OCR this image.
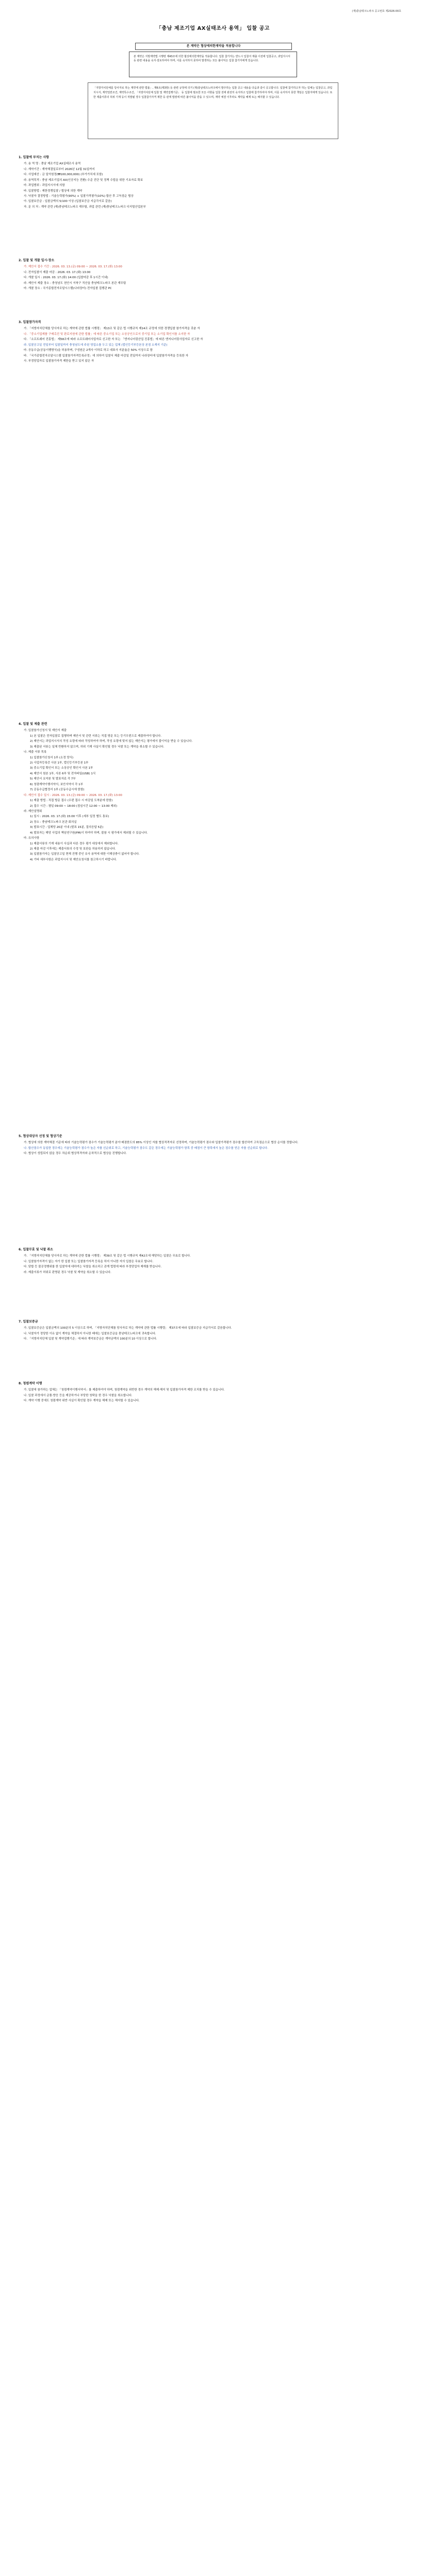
(재)충남테크노파크 공고번호 제2026-00호
「충남 제조기업 AX실태조사 용역」 입찰 공고
본 계약은 협상에의한계약을 적용합니다
본 계약은 지방계약법 시행령 제43조에 의한 협상에의한계약을 적용합니다. 입찰 참가자는 반드시 입찰서 제출 이전에 입찰공고, 과업지시서 등 관련 내용을 숙지·검토하여야 하며, 이를 숙지하지 못하여 발생하는 모든 불이익은 입찰 참가자에게 있습니다.
「지방자치단체를 당사자로 하는 계약에 관한 법률」, 제6조(제3항) 등 관련 규정에 의거 (재)충남테크노파크에서 발주하는 입찰 공고 내용을 다음과 같이 공고합니다. 입찰에 참가하고자 하는 업체는 입찰공고, 과업지시서, 계약일반조건, 계약특수조건, 「지방자치단체 입찰 및 계약집행기준」 등 입찰에 필요한 모든 사항을 입찰 전에 완전히 숙지하고 입찰에 참가하여야 하며, 이를 숙지하지 못한 책임은 입찰자에게 있습니다. 또한 제출서류의 허위 기재 등이 적발될 경우 입찰참가자격 제한 등 관계 법령에 따른 불이익을 받을 수 있으며, 계약 체결 이후라도 계약을 해제 또는 해지할 수 있습니다.
1. 입찰에 부치는 사항

가. 용 역 명 : 충남 제조기업 AX실태조사 용역

나. 계약기간 : 계약체결일로부터 2026년 12월 31일까지

다. 사업예산 : 금 일억원정(₩100,000,000) (부가가치세 포함)

라. 용역목적 : 충남 제조기업의 AX(인공지능 전환) 수준 진단 및 정책 수립을 위한 기초자료 확보

마. 과업범위 : 과업지시서에 의함

바. 입찰방법 : 제한경쟁입찰 / 협상에 의한 계약

사. 낙찰자 결정방법 : 기술능력평가(90%) + 입찰가격평가(10%) 합산 후 고득점순 협상

아. 입찰보증금 : 입찰금액의 5/100 이상 (입찰보증금 지급각서로 갈음)

자. 문 의 처 : 계약 관련 (재)충남테크노파크 재무팀, 과업 관련 (재)충남테크노파크 디지털산업본부

2. 입찰 및 개찰 일시·장소

가. 제안서 접수 기간 : 2026. 03. 13.(금) 09:00 ~ 2026. 03. 17.(화) 13:00

나. 전자입찰서 제출 마감 : 2026. 03. 17.(화) 13:00

다. 개찰 일시 : 2026. 03. 17.(화) 14:00 (입찰마감 후 1시간 이내)

라. 제안서 제출 장소 : 충청남도 천안시 서북구 직산읍 충남테크노파크 본관 재무팀

마. 개찰 장소 : 국가종합전자조달시스템(나라장터) 전자입찰 집행관 PC

3. 입찰참가자격

가. 「지방자치단체를 당사자로 하는 계약에 관한 법률 시행령」 제13조 및 같은 법 시행규칙 제14조 규정에 의한 경쟁입찰 참가자격을 갖춘 자

나. 「중소기업제품 구매촉진 및 판로지원에 관한 법률」에 따른 중소기업 또는 소상공인으로서 중기업 또는 소기업 확인서를 소지한 자

다. 「소프트웨어 진흥법」 제58조에 따라 소프트웨어사업자로 신고한 자 또는 「엔지니어링산업 진흥법」에 따른 엔지니어링사업자로 신고한 자

라. 입찰공고일 전일부터 입찰일까지 충청남도에 주된 영업소를 두고 있는 업체 (법인등기부등본상 본점 소재지 기준)

마. 공동수급(공동이행방식)을 허용하며, 구성원은 2개사 이하로 하고 대표사 지분율은 50% 이상으로 함

바. 「국가종합전자조달시스템 입찰참가자격등록규정」에 의하여 입찰서 제출 마감일 전일까지 나라장터에 입찰참가자격을 등록한 자

사. 부정당업자로 입찰참가자격 제한을 받고 있지 않은 자

4. 입찰 및 제출 관련

가. 입찰참가신청서 및 제안서 제출

1) 본 입찰은 전자입찰로 집행하며 제안서 및 관련 서류는 직접 방문 또는 등기우편으로 제출하여야 합니다.

2) 제안서는 과업지시서의 작성 요령에 따라 작성하여야 하며, 작성 요령에 맞지 않는 제안서는 평가에서 불이익을 받을 수 있습니다.

3) 제출된 서류는 일체 반환하지 않으며, 허위 기재 사실이 확인될 경우 낙찰 또는 계약을 취소할 수 있습니다.

나. 제출 서류 목록

1) 입찰참가신청서 1부 (소정 양식)

2) 사업자등록증 사본 1부, 법인등기부등본 1부

3) 중소기업 확인서 또는 소상공인 확인서 사본 1부

4) 제안서 원본 1부, 사본 6부 및 전자파일(USB) 1식

5) 제안서 요약본 및 발표자료 각 7부

6) 청렴계약이행서약서, 보안서약서 각 1부

7) 공동수급협정서 1부 (공동수급시에 한함)

다. 제안서 접수 일시 : 2026. 03. 13.(금) 09:00 ~ 2026. 03. 17.(화) 13:00

1) 제출 방법 : 직접 방문 접수 (우편 접수 시 마감일 도착분에 한함)

2) 접수 시간 : 평일 09:00 ~ 18:00 (점심시간 12:00 ~ 13:00 제외)

라. 제안설명회

1) 일시 : 2026. 03. 17.(화) 15:00 이후 (세부 일정 별도 통보)

2) 장소 : 충남테크노파크 본관 회의실

3) 발표시간 : 업체당 20분 이내 (발표 15분, 질의응답 5분)

4) 발표자는 해당 사업의 책임연구원(PM)이 하여야 하며, 불참 시 평가에서 제외될 수 있습니다.

마. 유의사항

1) 제출서류의 기재 내용이 사실과 다른 경우 평가 대상에서 제외합니다.

2) 제출 마감 이후에는 제출서류의 수정 및 보완을 허용하지 않습니다.

3) 입찰참가자는 입찰공고일 현재 진행 중인 유사 용역에 대한 이해상충이 없어야 합니다.

4) 기타 세부사항은 과업지시서 및 제안요청서를 참고하시기 바랍니다.

5. 협상대상자 선정 및 협상기준

가. 협상에 의한 계약체결 기준에 따라 기술능력평가 점수가 기술능력평가 분야 배점한도의 85% 이상인 자를 협상적격자로 선정하며, 기술능력평가 점수와 입찰가격평가 점수를 합산하여 고득점순으로 협상 순서를 정합니다.

나. 합산점수가 동일한 경우에는 기술능력평가 점수가 높은 자를 선순위로 하고, 기술능력평가 점수도 같은 경우에는 기술능력평가 항목 중 배점이 큰 항목에서 높은 점수를 얻은 자를 선순위로 합니다.

다. 협상이 성립되지 않을 경우 차순위 협상적격자와 순차적으로 협상을 진행합니다.

6. 입찰무효 및 낙찰 취소

가. 「지방자치단체를 당사자로 하는 계약에 관한 법률 시행령」 제39조 및 같은 법 시행규칙 제42조에 해당하는 입찰은 무효로 합니다.

나. 입찰참가자격이 없는 자가 한 입찰 또는 입찰참가자격 등록을 하지 아니한 자의 입찰은 무효로 합니다.

다. 담합 등 불공정행위를 한 입찰자에 대하여는 낙찰을 취소하고 관계 법령에 따라 부정당업자 제재를 받습니다.

라. 제출서류가 허위로 판명된 경우 낙찰 및 계약을 취소할 수 있습니다.

7. 입찰보증금

가. 입찰보증금은 입찰금액의 100분의 5 이상으로 하며, 「지방자치단체를 당사자로 하는 계약에 관한 법률 시행령」 제37조에 따라 입찰보증금 지급각서로 갈음합니다.

나. 낙찰자가 정당한 이유 없이 계약을 체결하지 아니한 때에는 입찰보증금을 충남테크노파크에 귀속합니다.

다. 「지방자치단체 입찰 및 계약집행기준」에 따라 계약보증금은 계약금액의 100분의 10 이상으로 합니다.

8. 청렴계약 이행

가. 입찰에 참가하는 업체는 「청렴계약이행서약서」를 제출하여야 하며, 청렴계약을 위반한 경우 계약의 해제·해지 및 입찰참가자격 제한 조치를 받을 수 있습니다.

나. 입찰 과정에서 금품·향응 등을 제공하거나 부당한 청탁을 한 경우 낙찰을 취소합니다.

다. 계약 이행 중에도 청렴계약 위반 사실이 확인될 경우 계약을 해제 또는 해지할 수 있습니다.
